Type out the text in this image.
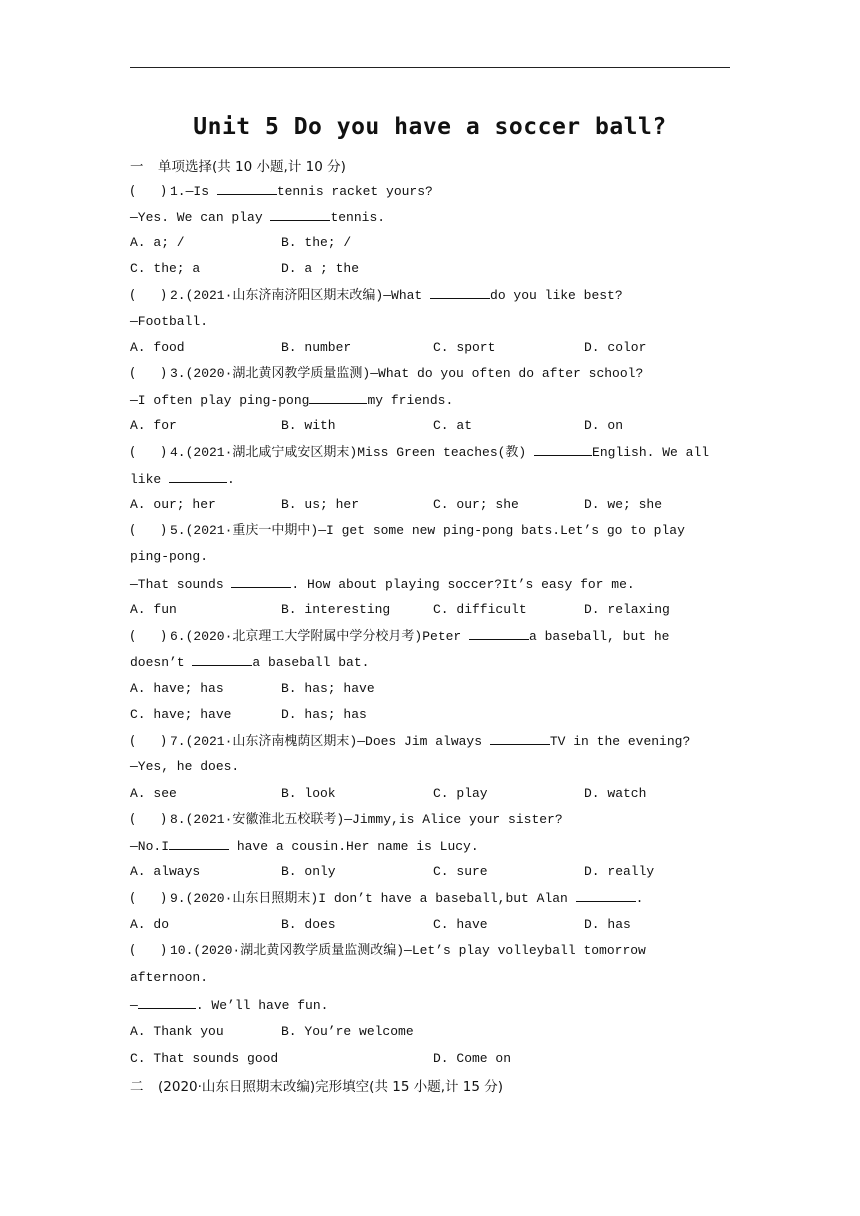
Unit 5 Do you have a soccer ball?
一 单项选择(共 10 小题,计 10 分)
( ) 1.—Is	tennis racket yours?
—Yes. We can play	tennis.
A. a; /	B. the; /
C. the; a	D. a ; the
( ) 2.(2021·山东济南济阳区期末改编)—What	do you like best?
—Football.
A. food	B. number	C. sport	D. color
( ) 3.(2020·湖北黄冈教学质量监测)—What do you often do after school?
—I often play ping-pong	my friends.
A. for	B. with	C. at	D. on
( ) 4.(2021·湖北咸宁咸安区期末)Miss Green teaches(教)	English. We all
like	.
A. our; her	B. us; her	C. our; she	D. we; she
( ) 5.(2021·重庆一中期中)—I get some new ping-pong bats.Let’s go to play
ping-pong.
—That sounds	. How about playing soccer?It’s easy for me.
A. fun	B. interesting	C. difficult	D. relaxing
( ) 6.(2020·北京理工大学附属中学分校月考)Peter	a baseball, but he
doesn’t	a baseball bat.
A. have; has	B. has; have
C. have; have	D. has; has
( ) 7.(2021·山东济南槐荫区期末)—Does Jim always	TV in the evening?
—Yes, he does.
A. see	B. look	C. play	D. watch
( ) 8.(2021·安徽淮北五校联考)—Jimmy,is Alice your sister?
—No.I	have a cousin.Her name is Lucy.
A. always	B. only	C. sure	D. really
( ) 9.(2020·山东日照期末)I don’t have a baseball,but Alan	.
A. do	B. does	C. have	D. has
( ) 10.(2020·湖北黄冈教学质量监测改编)—Let’s play volleyball tomorrow
afternoon.
—	. We’ll have fun.
A. Thank you	B. You’re welcome
C. That sounds good	D. Come on
二 (2020·山东日照期末改编)完形填空(共 15 小题,计 15 分)
